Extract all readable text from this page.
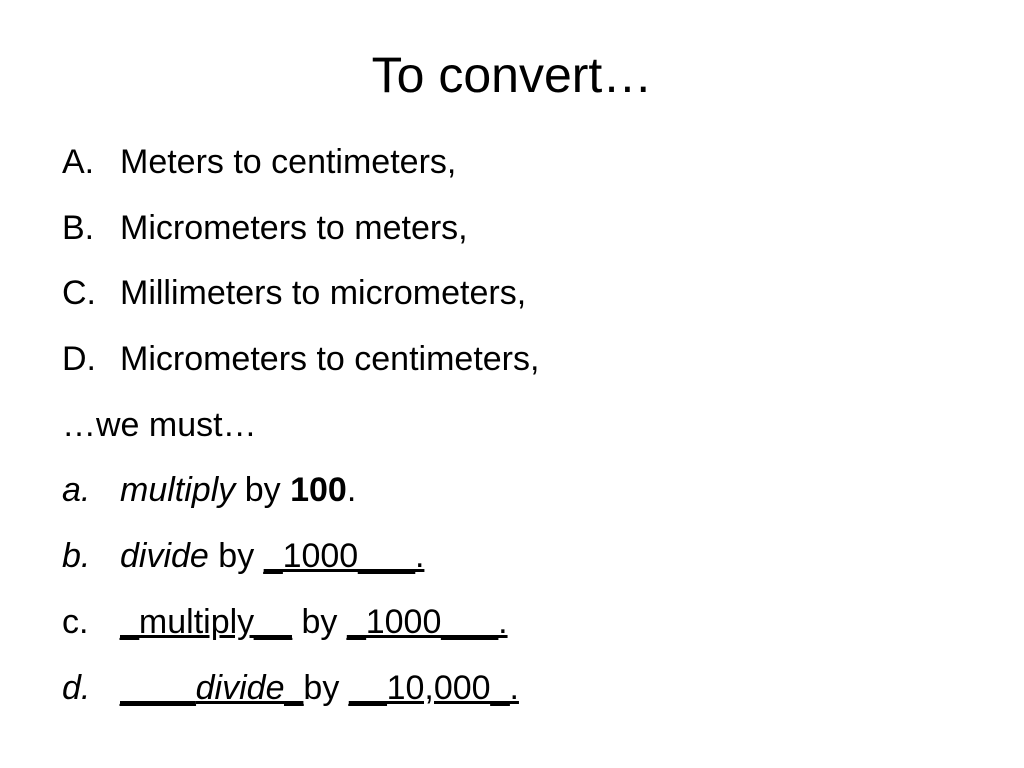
To convert…
A. Meters to centimeters,
B. Micrometers to meters,
C. Millimeters to micrometers,
D. Micrometers to centimeters,
…we must…
a. multiply by 100.
b. divide by _1000___.
c. _multiply__ by _1000___.
d. ____divide_by __10,000_.
